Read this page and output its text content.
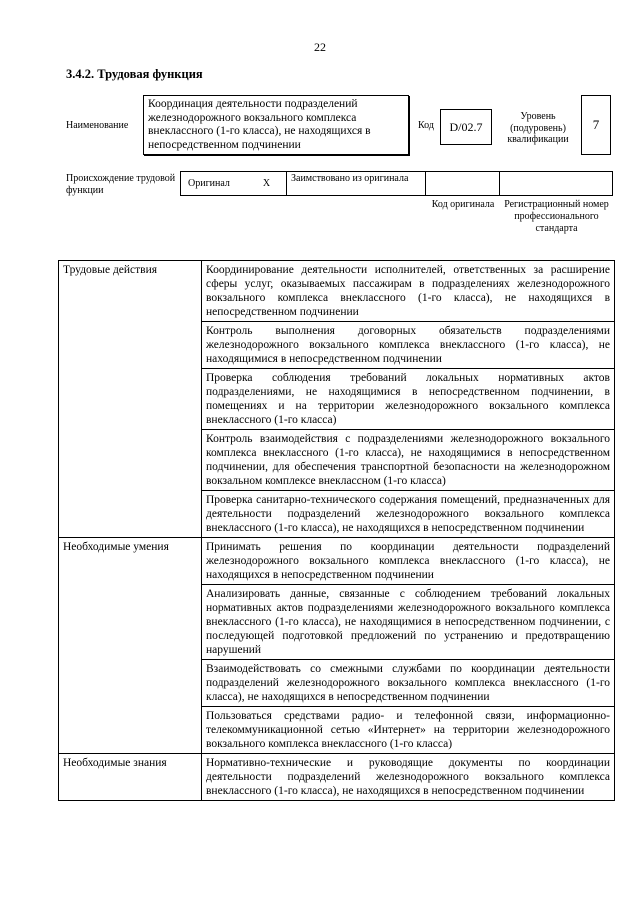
22
3.4.2. Трудовая функция
Наименование
Координация деятельности подразделений железнодорожного вокзального комплекса внеклассного (1-го класса), не находящихся в непосредственном подчинении
Код	D/02.7
Уровень (подуровень) квалификации
7
Происхождение трудовой функции
Оригинал	X	Заимствовано из оригинала
Код оригинала Регистрационный номер профессионального стандарта
Трудовые действия	Координирование деятельности исполнителей, ответственных за расширение сферы услуг, оказываемых пассажирам в подразделениях железнодорожного вокзального комплекса внеклассного (1-го класса), не находящихся в непосредственном подчинении
	Контроль выполнения договорных обязательств подразделениями железнодорожного вокзального комплекса внеклассного (1-го класса), не находящимися в непосредственном подчинении
	Проверка соблюдения требований локальных нормативных актов подразделениями, не находящимися в непосредственном подчинении, в помещениях и на территории железнодорожного вокзального комплекса внеклассного (1-го класса)
	Контроль взаимодействия с подразделениями железнодорожного вокзального комплекса внеклассного (1-го класса), не находящимися в непосредственном подчинении, для обеспечения транспортной безопасности на железнодорожном вокзальном комплексе внеклассном (1-го класса)
	Проверка санитарно-технического содержания помещений, предназначенных для деятельности подразделений железнодорожного вокзального комплекса внеклассного (1-го класса), не находящихся в непосредственном подчинении
Необходимые умения	Принимать решения по координации деятельности подразделений железнодорожного вокзального комплекса внеклассного (1-го класса), не находящихся в непосредственном подчинении
	Анализировать данные, связанные с соблюдением требований локальных нормативных актов подразделениями железнодорожного вокзального комплекса внеклассного (1-го класса), не находящимися в непосредственном подчинении, с последующей подготовкой предложений по устранению и предотвращению нарушений
	Взаимодействовать со смежными службами по координации деятельности подразделений железнодорожного вокзального комплекса внеклассного (1-го класса), не находящихся в непосредственном подчинении
	Пользоваться средствами радио- и телефонной связи, информационно-телекоммуникационной сетью «Интернет» на территории железнодорожного вокзального комплекса внеклассного (1-го класса)
Необходимые знания	Нормативно-технические и руководящие документы по координации деятельности подразделений железнодорожного вокзального комплекса внеклассного (1-го класса), не находящихся в непосредственном подчинении
